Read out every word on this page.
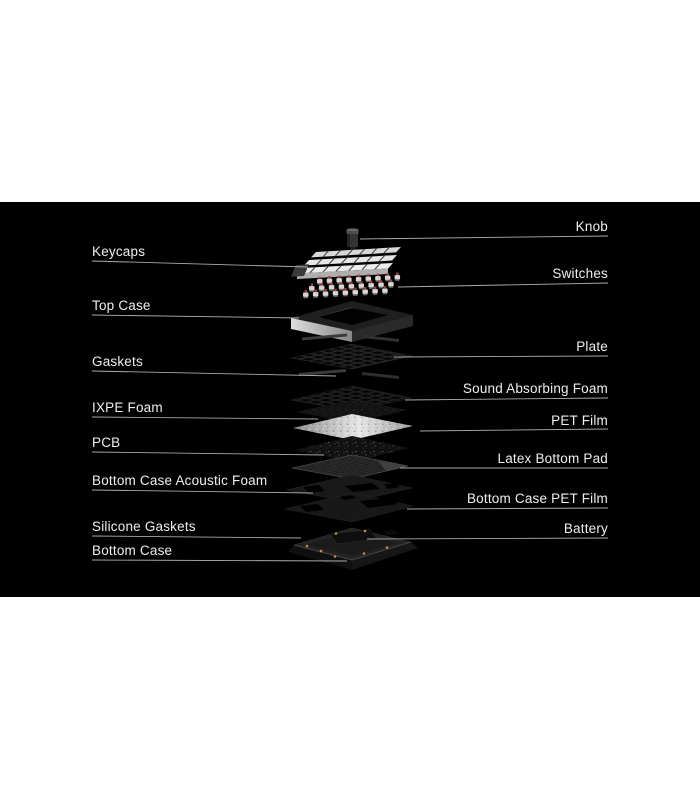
Keycaps
Top Case
Gaskets
IXPE Foam
PCB
Bottom Case Acoustic Foam
Silicone Gaskets
Bottom Case
Knob
Switches
Plate
Sound Absorbing Foam
PET Film
Latex Bottom Pad
Bottom Case PET Film
Battery
